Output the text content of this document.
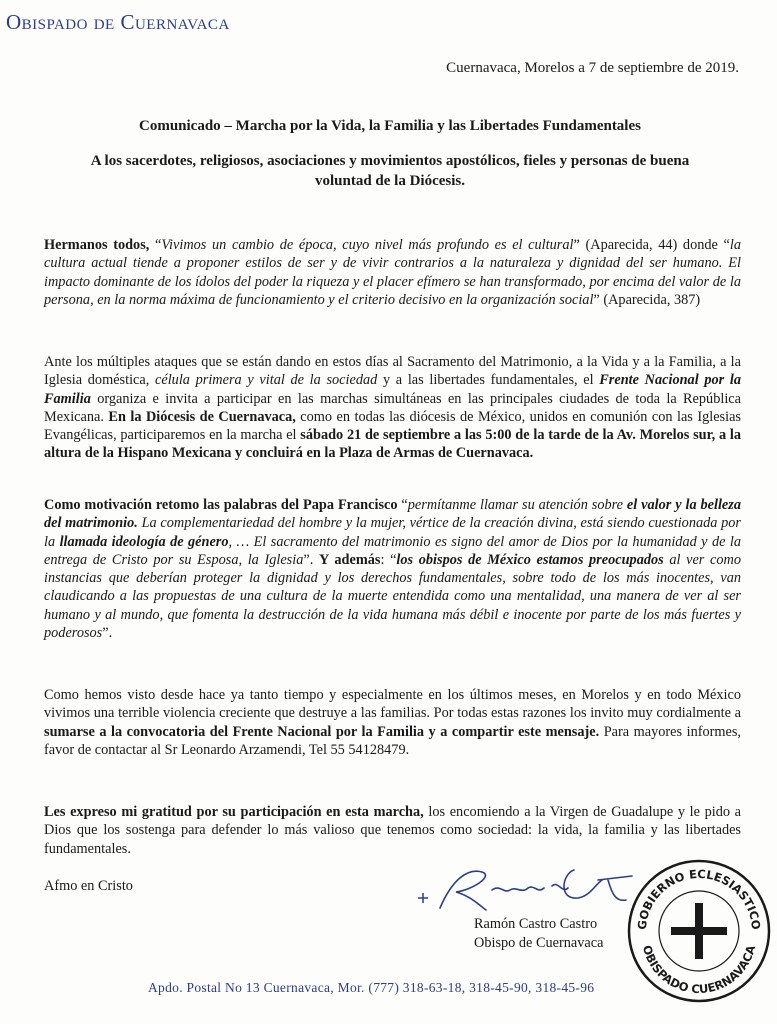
Obispado de Cuernavaca
Cuernavaca, Morelos a 7 de septiembre de 2019.
Comunicado – Marcha por la Vida, la Familia y las Libertades Fundamentales
A los sacerdotes, religiosos, asociaciones y movimientos apostólicos, fieles y personas de buena voluntad de la Diócesis.
Hermanos todos, “Vivimos un cambio de época, cuyo nivel más profundo es el cultural” (Aparecida, 44) donde “la cultura actual tiende a proponer estilos de ser y de vivir contrarios a la naturaleza y dignidad del ser humano. El impacto dominante de los ídolos del poder la riqueza y el placer efímero se han transformado, por encima del valor de la persona, en la norma máxima de funcionamiento y el criterio decisivo en la organización social” (Aparecida, 387)
Ante los múltiples ataques que se están dando en estos días al Sacramento del Matrimonio, a la Vida y a la Familia, a la Iglesia doméstica, célula primera y vital de la sociedad y a las libertades fundamentales, el Frente Nacional por la Familia organiza e invita a participar en las marchas simultáneas en las principales ciudades de toda la República Mexicana. En la Diócesis de Cuernavaca, como en todas las diócesis de México, unidos en comunión con las Iglesias Evangélicas, participaremos en la marcha el sábado 21 de septiembre a las 5:00 de la tarde de la Av. Morelos sur, a la altura de la Hispano Mexicana y concluirá en la Plaza de Armas de Cuernavaca.
Como motivación retomo las palabras del Papa Francisco “permítanme llamar su atención sobre el valor y la belleza del matrimonio. La complementariedad del hombre y la mujer, vértice de la creación divina, está siendo cuestionada por la llamada ideología de género, … El sacramento del matrimonio es signo del amor de Dios por la humanidad y de la entrega de Cristo por su Esposa, la Iglesia”. Y además: “los obispos de México estamos preocupados al ver como instancias que deberían proteger la dignidad y los derechos fundamentales, sobre todo de los más inocentes, van claudicando a las propuestas de una cultura de la muerte entendida como una mentalidad, una manera de ver al ser humano y al mundo, que fomenta la destrucción de la vida humana más débil e inocente por parte de los más fuertes y poderosos”.
Como hemos visto desde hace ya tanto tiempo y especialmente en los últimos meses, en Morelos y en todo México vivimos una terrible violencia creciente que destruye a las familias. Por todas estas razones los invito muy cordialmente a sumarse a la convocatoria del Frente Nacional por la Familia y a compartir este mensaje. Para mayores informes, favor de contactar al Sr Leonardo Arzamendi, Tel 55 54128479.
Les expreso mi gratitud por su participación en esta marcha, los encomiendo a la Virgen de Guadalupe y le pido a Dios que los sostenga para defender lo más valioso que tenemos como sociedad: la vida, la familia y las libertades fundamentales.
Afmo en Cristo
Ramón Castro Castro
Obispo de Cuernavaca
GOBIERNO ECLESIASTICO
OBISPADO CUERNAVACA
Apdo. Postal No 13 Cuernavaca, Mor. (777) 318-63-18, 318-45-90, 318-45-96
